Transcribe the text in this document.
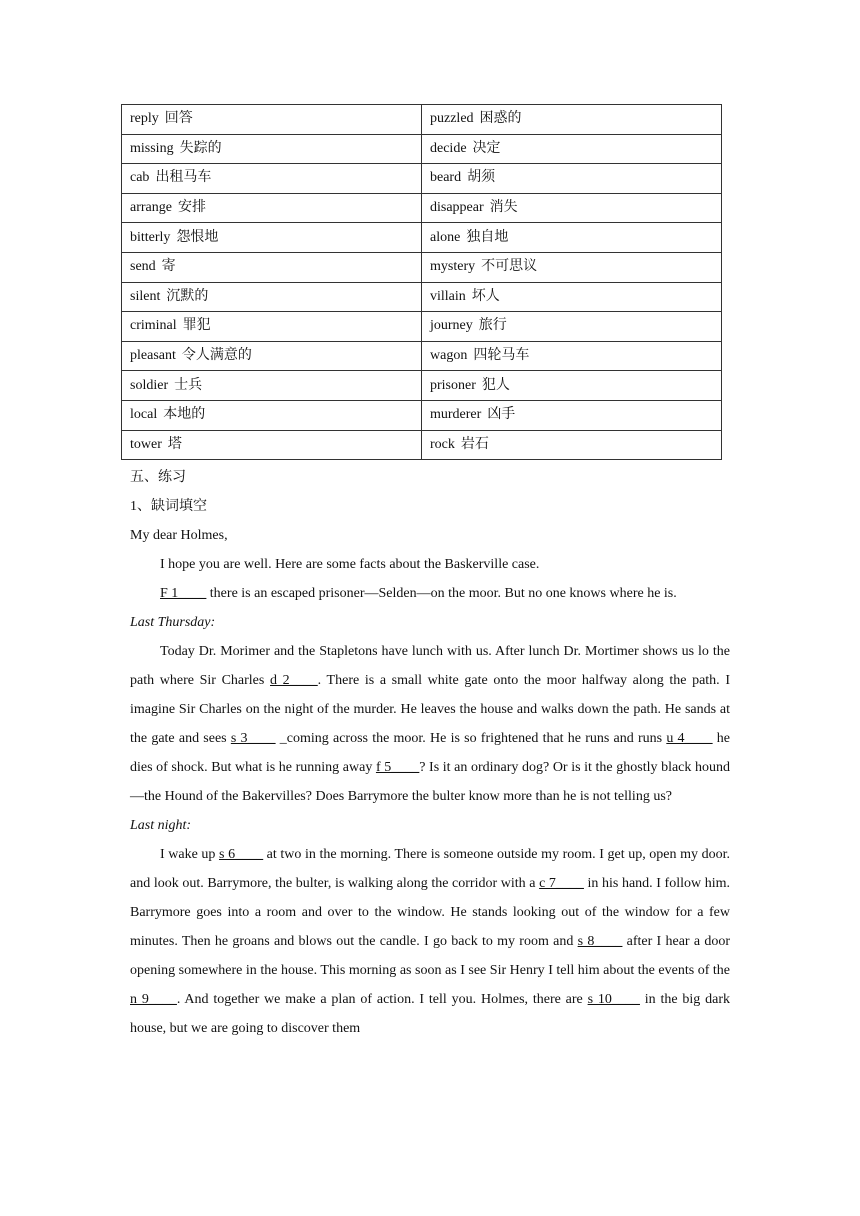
reply 回答	puzzled 困惑的
missing 失踪的	decide 决定
cab 出租马车	beard 胡须
arrange 安排	disappear 消失
bitterly 怨恨地	alone 独自地
send 寄	mystery 不可思议
silent 沉默的	villain 坏人
criminal 罪犯	journey 旅行
pleasant 令人满意的	wagon 四轮马车
soldier 士兵	prisoner 犯人
local 本地的	murderer 凶手
tower 塔	rock 岩石

五、练习

1、缺词填空

My dear Holmes,

I hope you are well. Here are some facts about the Baskerville case.

F 1____ there is an escaped prisoner—Selden—on the moor. But no one knows where he is.

Last Thursday:

Today Dr. Morimer and the Stapletons have lunch with us. After lunch Dr. Mortimer shows us lo the path where Sir Charles d 2____. There is a small white gate onto the moor halfway along the path. I imagine Sir Charles on the night of the murder. He leaves the house and walks down the path. He sands at the gate and sees s 3____ _coming across the moor. He is so frightened that he runs and runs u 4____ he dies of shock. But what is he running away f 5____? Is it an ordinary dog? Or is it the ghostly black hound—the Hound of the Bakervilles? Does Barrymore the bulter know more than he is not telling us?

Last night:

I wake up s 6____ at two in the morning. There is someone outside my room. I get up, open my door. and look out. Barrymore, the bulter, is walking along the corridor with a c 7____ in his hand. I follow him. Barrymore goes into a room and over to the window. He stands looking out of the window for a few minutes. Then he groans and blows out the candle. I go back to my room and s 8____ after I hear a door opening somewhere in the house. This morning as soon as I see Sir Henry I tell him about the events of the n 9____. And together we make a plan of action. I tell you. Holmes, there are s 10____ in the big dark house, but we are going to discover them
